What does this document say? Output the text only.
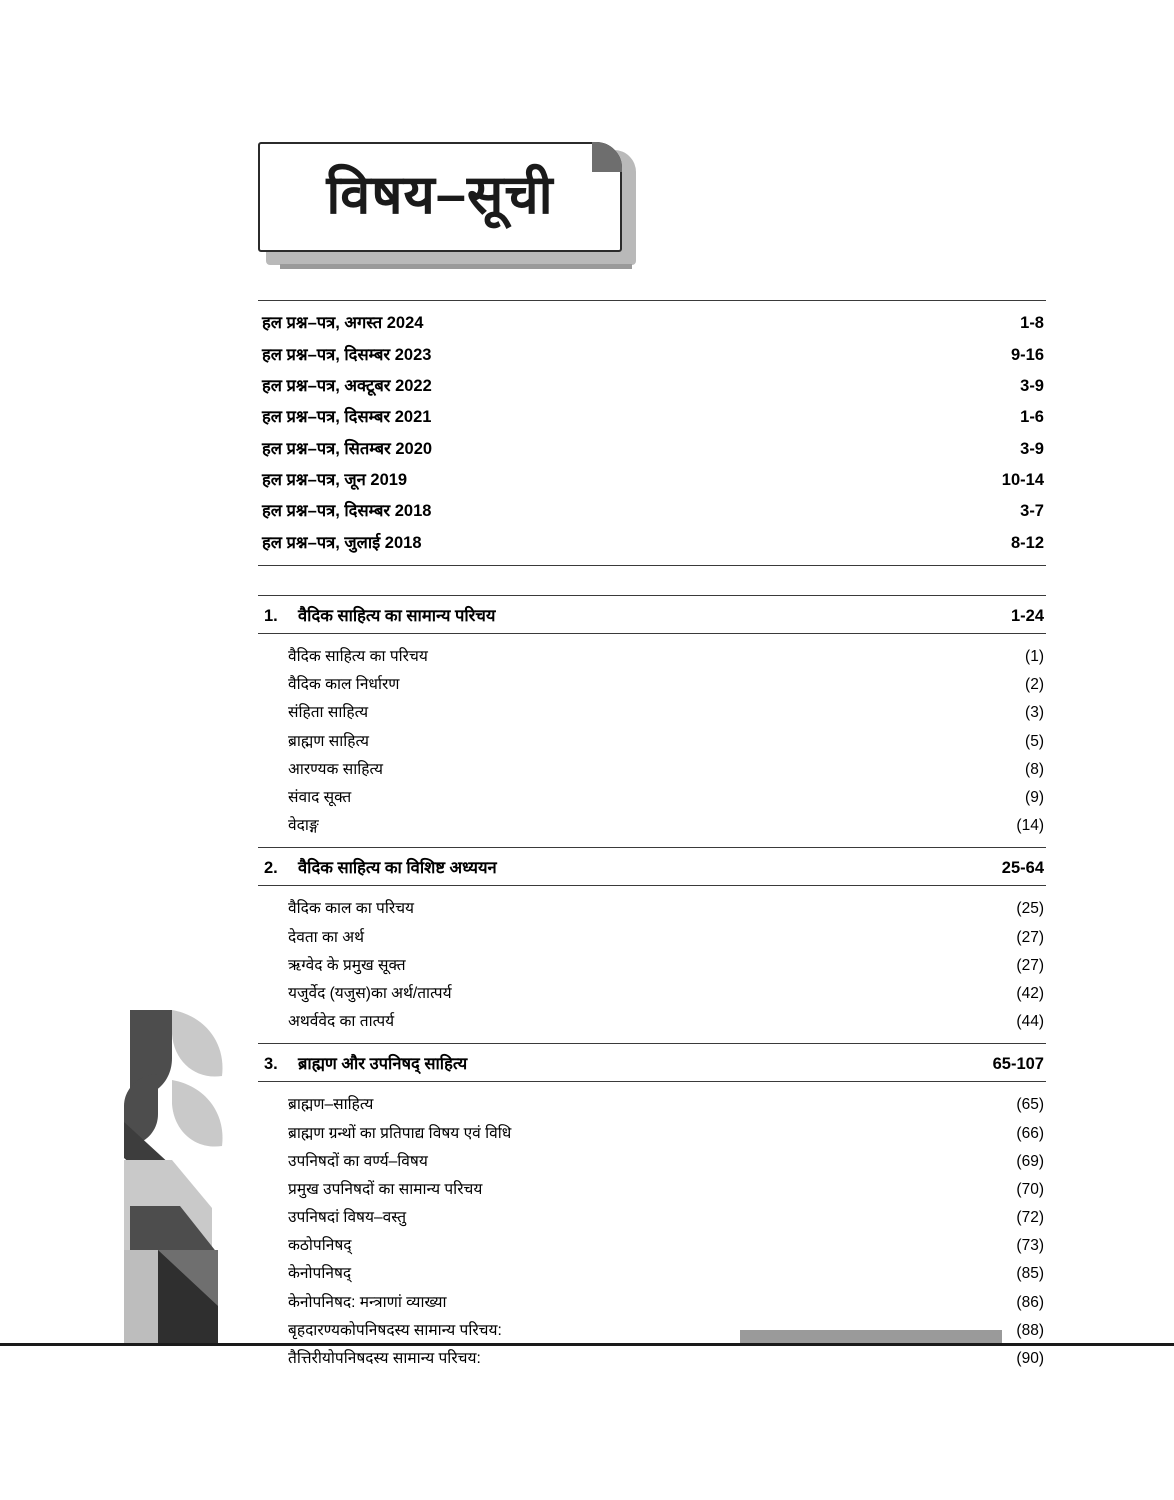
विषय–सूची
हल प्रश्न–पत्र, अगस्त 2024	1-8
हल प्रश्न–पत्र, दिसम्बर 2023	9-16
हल प्रश्न–पत्र, अक्टूबर 2022	3-9
हल प्रश्न–पत्र, दिसम्बर 2021	1-6
हल प्रश्न–पत्र, सितम्बर 2020	3-9
हल प्रश्न–पत्र, जून 2019	10-14
हल प्रश्न–पत्र, दिसम्बर 2018	3-7
हल प्रश्न–पत्र, जुलाई 2018	8-12
1.	वैदिक साहित्य का सामान्य परिचय	1-24
वैदिक साहित्य का परिचय	(1)
वैदिक काल निर्धारण	(2)
संहिता साहित्य	(3)
ब्राह्मण साहित्य	(5)
आरण्यक साहित्य	(8)
संवाद सूक्त	(9)
वेदाङ्ग	(14)
2.	वैदिक साहित्य का विशिष्ट अध्ययन	25-64
वैदिक काल का परिचय	(25)
देवता का अर्थ	(27)
ऋग्वेद के प्रमुख सूक्त	(27)
यजुर्वेद (यजुस)का अर्थ/तात्पर्य	(42)
अथर्ववेद का तात्पर्य	(44)
3.	ब्राह्मण और उपनिषद् साहित्य	65-107
ब्राह्मण–साहित्य	(65)
ब्राह्मण ग्रन्थों का प्रतिपाद्य विषय एवं विधि	(66)
उपनिषदों का वर्ण्य–विषय	(69)
प्रमुख उपनिषदों का सामान्य परिचय	(70)
उपनिषदां विषय–वस्तु	(72)
कठोपनिषद्	(73)
केनोपनिषद्	(85)
केनोपनिषद: मन्त्राणां व्याख्या	(86)
बृहदारण्यकोपनिषदस्य सामान्य परिचय:	(88)
तैत्तिरीयोपनिषदस्य सामान्य परिचय:	(90)
